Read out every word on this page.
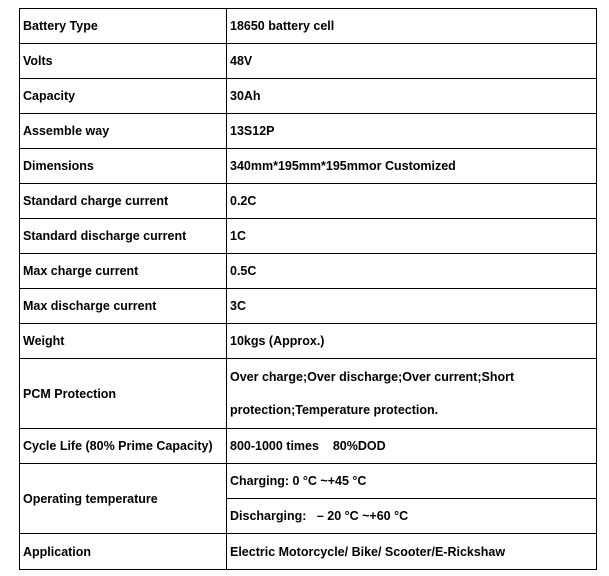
Battery Type	18650 battery cell
Volts	48V
Capacity	30Ah
Assemble way	13S12P
Dimensions	340mm*195mm*195mmor Customized
Standard charge current	0.2C
Standard discharge current	1C
Max charge current	0.5C
Max discharge current	3C
Weight	10kgs (Approx.)
PCM Protection	Over charge;Over discharge;Over current;Short protection;Temperature protection.
Cycle Life (80% Prime Capacity)	800-1000 times    80%DOD
Operating temperature	Charging: 0 °C ~+45 °C
	Discharging:   – 20 °C ~+60 °C
Application	Electric Motorcycle/ Bike/ Scooter/E-Rickshaw
